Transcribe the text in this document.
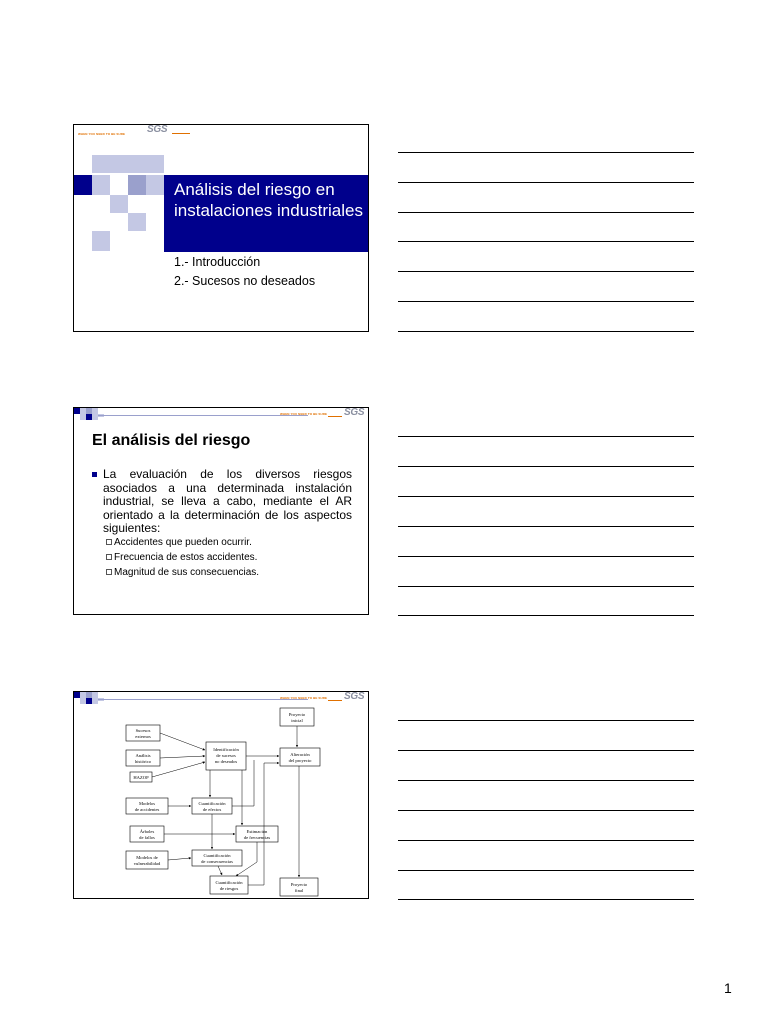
WHEN YOU NEED TO BE SURE SGS
Análisis del riesgo en instalaciones industriales
1.- Introducción
2.- Sucesos no deseados
WHEN YOU NEED TO BE SURE SGS
El análisis del riesgo
La evaluación de los diversos riesgos asociados a una determinada instalación industrial, se lleva a cabo, mediante el AR orientado a la determinación de los aspectos siguientes:
Accidentes que pueden ocurrir.
Frecuencia de estos accidentes.
Magnitud de sus consecuencias.
WHEN YOU NEED TO BE SURE SGS
Sucesos
externos
Análisis
histórico
HAZOP
Identificación
de sucesos
no deseados
Proyecto
inicial
Alteración
del proyecto
Modelos
de accidentes
Cuantificación
de efectos
Árboles
de fallos
Estimación
de frecuencias
Modelos de
vulnerabilidad
Cuantificación
de consecuencias
Cuantificación
de riesgos
Proyecto
final
1
